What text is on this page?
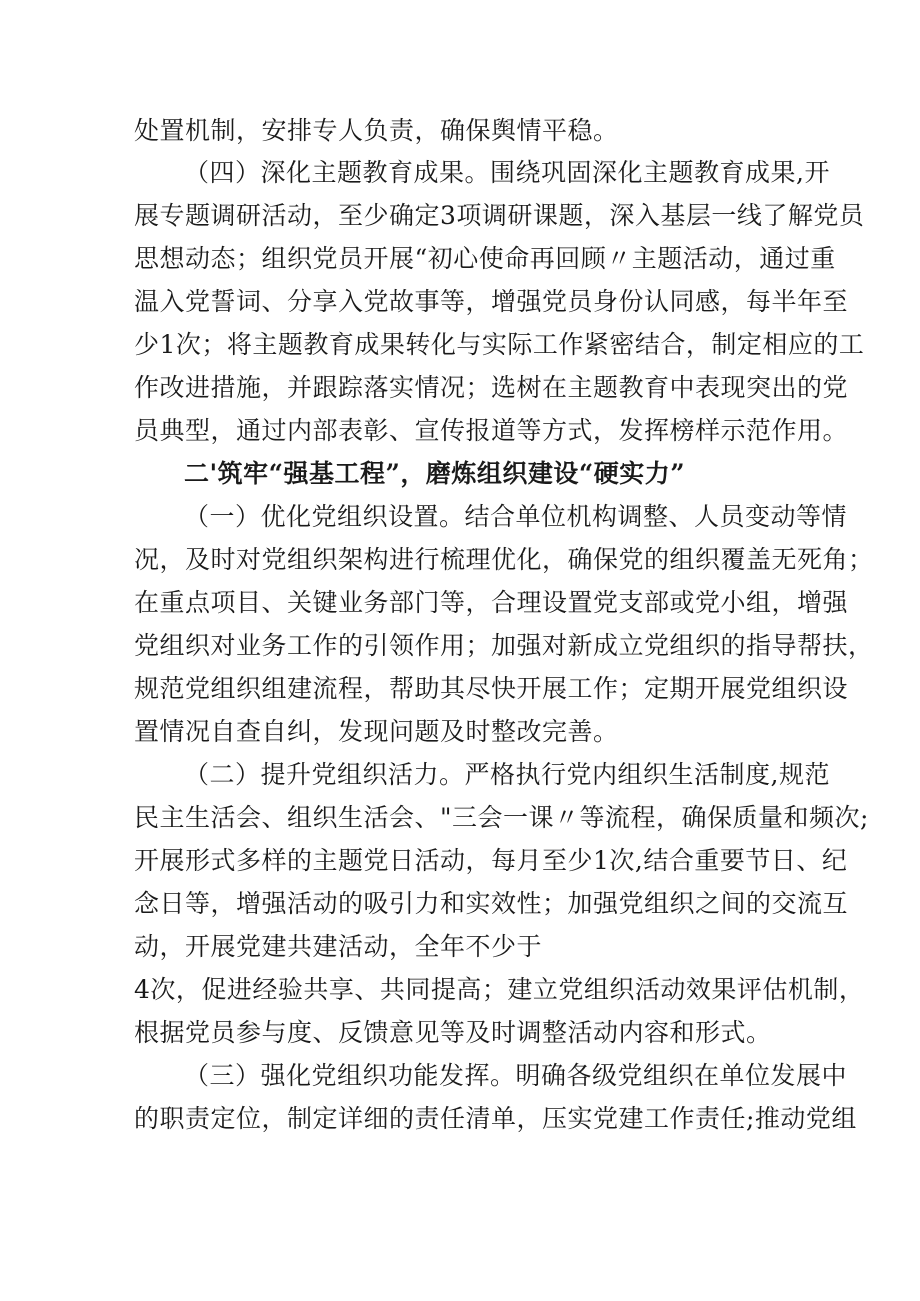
处置机制，安排专人负责，确保舆情平稳。
（四）深化主题教育成果。围绕巩固深化主题教育成果,开
展专题调研活动，至少确定3项调研课题，深入基层一线了解党员
思想动态；组织党员开展“初心使命再回顾〃主题活动，通过重
温入党誓词、分享入党故事等，增强党员身份认同感，每半年至
少1次；将主题教育成果转化与实际工作紧密结合，制定相应的工
作改进措施，并跟踪落实情况；选树在主题教育中表现突出的党
员典型，通过内部表彰、宣传报道等方式，发挥榜样示范作用。
二'筑牢“强基工程”，磨炼组织建设“硬实力”
（一）优化党组织设置。结合单位机构调整、人员变动等情
况，及时对党组织架构进行梳理优化，确保党的组织覆盖无死角；
在重点项目、关键业务部门等，合理设置党支部或党小组，增强
党组织对业务工作的引领作用；加强对新成立党组织的指导帮扶，
规范党组织组建流程，帮助其尽快开展工作；定期开展党组织设
置情况自查自纠，发现问题及时整改完善。
（二）提升党组织活力。严格执行党内组织生活制度,规范
民主生活会、组织生活会、"三会一课〃等流程，确保质量和频次;
开展形式多样的主题党日活动，每月至少1次,结合重要节日、纪
念日等，增强活动的吸引力和实效性；加强党组织之间的交流互
动，开展党建共建活动，全年不少于
4次，促进经验共享、共同提高；建立党组织活动效果评估机制，
根据党员参与度、反馈意见等及时调整活动内容和形式。
（三）强化党组织功能发挥。明确各级党组织在单位发展中
的职责定位，制定详细的责任清单，压实党建工作责任;推动党组
